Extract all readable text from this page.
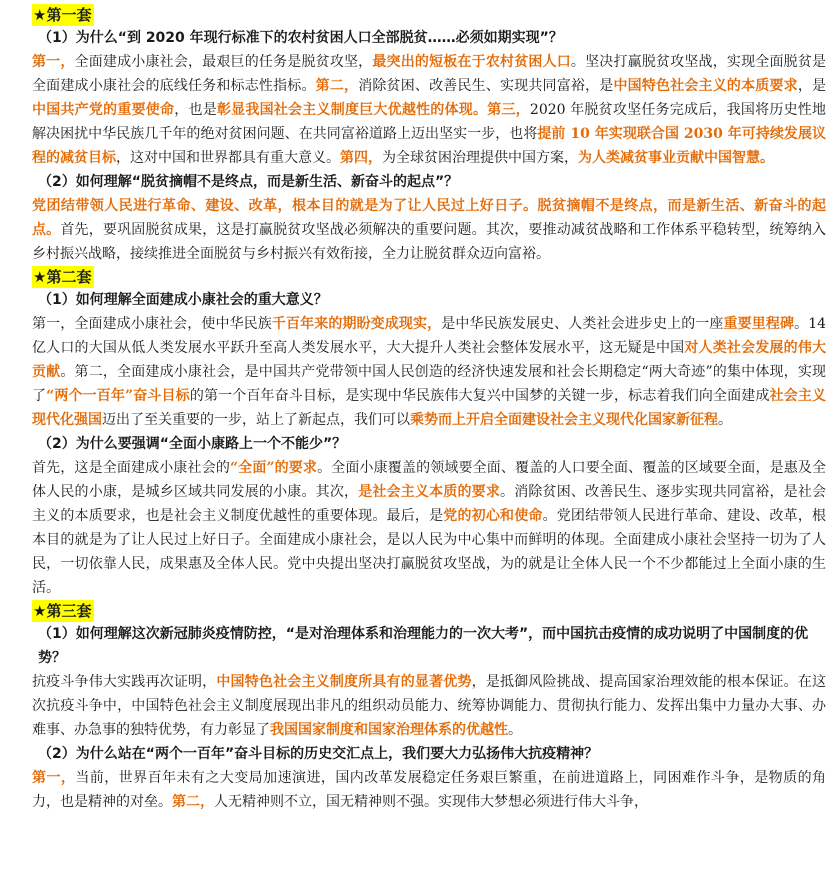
★第一套
（1）为什么“到 2020 年现行标准下的农村贫困人口全部脱贫……必须如期实现”？
第一，全面建成小康社会，最艰巨的任务是脱贫攻坚，最突出的短板在于农村贫困人口。坚决打赢脱贫攻坚战，实现全面脱贫是全面建成小康社会的底线任务和标志性指标。第二，消除贫困、改善民生、实现共同富裕，是中国特色社会主义的本质要求，是中国共产党的重要使命，也是彰显我国社会主义制度巨大优越性的体现。第三，2020 年脱贫攻坚任务完成后，我国将历史性地解决困扰中华民族几千年的绝对贫困问题、在共同富裕道路上迈出坚实一步，也将提前 10 年实现联合国 2030 年可持续发展议程的减贫目标，这对中国和世界都具有重大意义。第四，为全球贫困治理提供中国方案，为人类减贫事业贡献中国智慧。
（2）如何理解“脱贫摘帽不是终点，而是新生活、新奋斗的起点”？
党团结带领人民进行革命、建设、改革，根本目的就是为了让人民过上好日子。脱贫摘帽不是终点，而是新生活、新奋斗的起点。首先，要巩固脱贫成果，这是打赢脱贫攻坚战必须解决的重要问题。其次，要推动减贫战略和工作体系平稳转型，统筹纳入乡村振兴战略，接续推进全面脱贫与乡村振兴有效衔接，全力让脱贫群众迈向富裕。
★第二套
（1）如何理解全面建成小康社会的重大意义？
第一，全面建成小康社会，使中华民族千百年来的期盼变成现实，是中华民族发展史、人类社会进步史上的一座重要里程碑。14 亿人口的大国从低人类发展水平跃升至高人类发展水平，大大提升人类社会整体发展水平，这无疑是中国对人类社会发展的伟大贡献。第二，全面建成小康社会，是中国共产党带领中国人民创造的经济快速发展和社会长期稳定“两大奇迹”的集中体现，实现了“两个一百年”奋斗目标的第一个百年奋斗目标，是实现中华民族伟大复兴中国梦的关键一步，标志着我们向全面建成社会主义现代化强国迈出了至关重要的一步，站上了新起点，我们可以乘势而上开启全面建设社会主义现代化国家新征程。
（2）为什么要强调“全面小康路上一个不能少”？
首先，这是全面建成小康社会的“全面”的要求。全面小康覆盖的领域要全面、覆盖的人口要全面、覆盖的区域要全面，是惠及全体人民的小康，是城乡区域共同发展的小康。其次，是社会主义本质的要求。消除贫困、改善民生、逐步实现共同富裕，是社会主义的本质要求，也是社会主义制度优越性的重要体现。最后，是党的初心和使命。党团结带领人民进行革命、建设、改革，根本目的就是为了让人民过上好日子。全面建成小康社会，是以人民为中心集中而鲜明的体现。全面建成小康社会坚持一切为了人民，一切依靠人民，成果惠及全体人民。党中央提出坚决打赢脱贫攻坚战，为的就是让全体人民一个不少都能过上全面小康的生活。
★第三套
（1）如何理解这次新冠肺炎疫情防控，“是对治理体系和治理能力的一次大考”，而中国抗击疫情的成功说明了中国制度的优势？
抗疫斗争伟大实践再次证明，中国特色社会主义制度所具有的显著优势，是抵御风险挑战、提高国家治理效能的根本保证。在这次抗疫斗争中，中国特色社会主义制度展现出非凡的组织动员能力、统筹协调能力、贯彻执行能力、发挥出集中力量办大事、办难事、办急事的独特优势，有力彰显了我国国家制度和国家治理体系的优越性。
（2）为什么站在“两个一百年”奋斗目标的历史交汇点上，我们要大力弘扬伟大抗疫精神？
第一，当前，世界百年未有之大变局加速演进，国内改革发展稳定任务艰巨繁重，在前进道路上，同困难作斗争，是物质的角力，也是精神的对垒。第二，人无精神则不立，国无精神则不强。实现伟大梦想必须进行伟大斗争，
